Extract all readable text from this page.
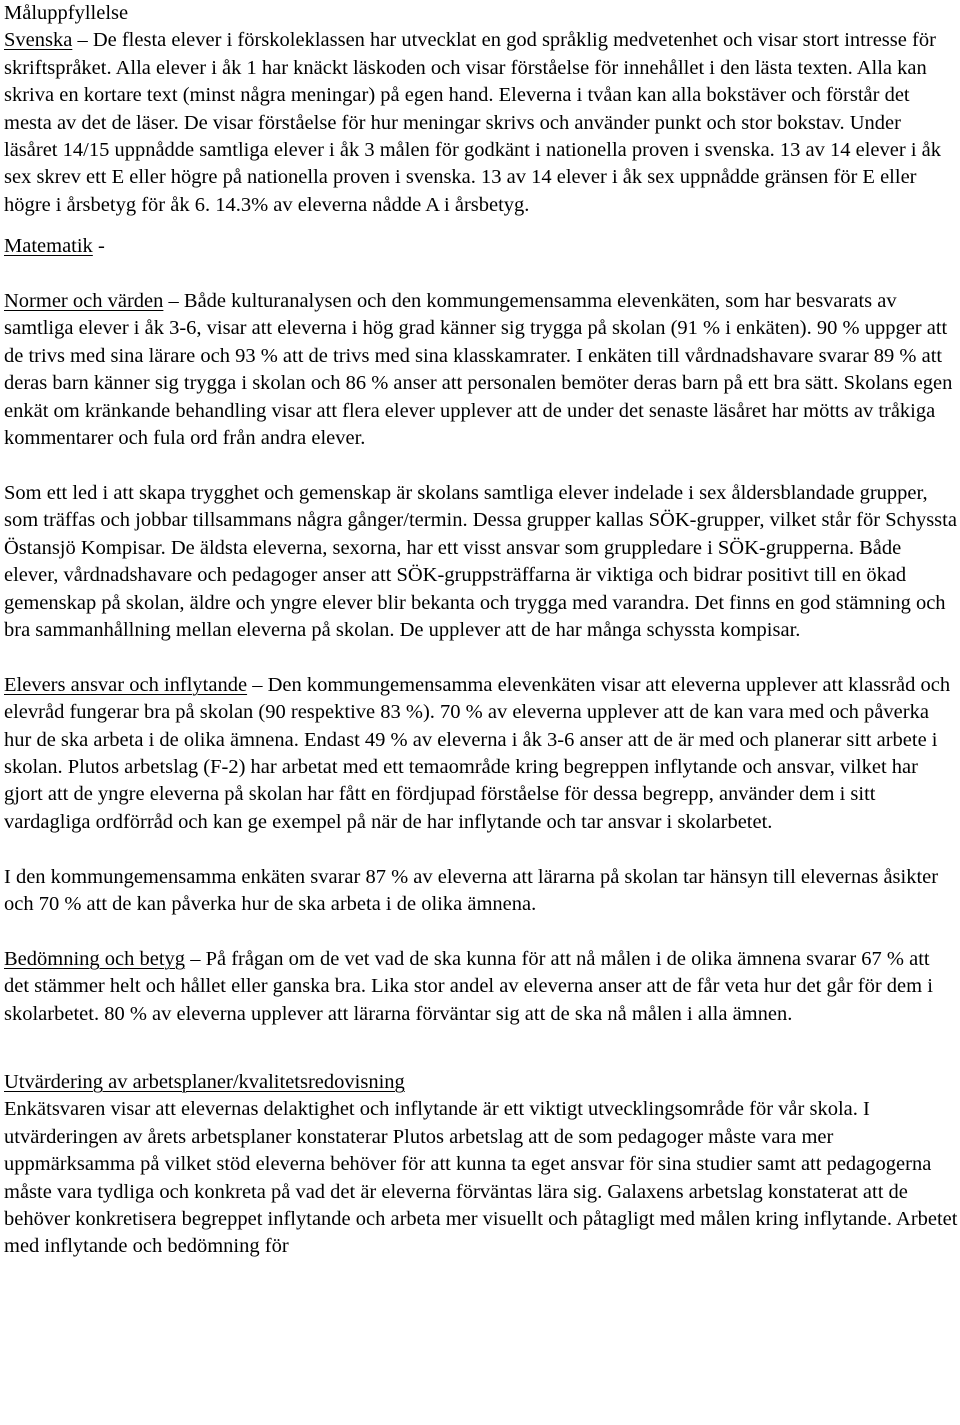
Måluppfyllelse

Svenska – De flesta elever i förskoleklassen har utvecklat en god språklig medvetenhet och visar stort intresse för skriftspråket. Alla elever i åk 1 har knäckt läskoden och visar förståelse för innehållet i den lästa texten. Alla kan skriva en kortare text (minst några meningar) på egen hand. Eleverna i tvåan kan alla bokstäver och förstår det mesta av det de läser. De visar förståelse för hur meningar skrivs och använder punkt och stor bokstav. Under läsåret 14/15 uppnådde samtliga elever i åk 3 målen för godkänt i nationella proven i svenska. 13 av 14 elever i åk sex skrev ett E eller högre på nationella proven i svenska. 13 av 14 elever i åk sex uppnådde gränsen för E eller högre i årsbetyg för åk 6. 14.3% av eleverna nådde A i årsbetyg.

Matematik -

Normer och värden – Både kulturanalysen och den kommungemensamma elevenkäten, som har besvarats av samtliga elever i åk 3-6, visar att eleverna i hög grad känner sig trygga på skolan (91 % i enkäten). 90 % uppger att de trivs med sina lärare och 93 % att de trivs med sina klasskamrater. I enkäten till vårdnadshavare svarar 89 % att deras barn känner sig trygga i skolan och 86 % anser att personalen bemöter deras barn på ett bra sätt. Skolans egen enkät om kränkande behandling visar att flera elever upplever att de under det senaste läsåret har mötts av tråkiga kommentarer och fula ord från andra elever.

Som ett led i att skapa trygghet och gemenskap är skolans samtliga elever indelade i sex åldersblandade grupper, som träffas och jobbar tillsammans några gånger/termin. Dessa grupper kallas SÖK-grupper, vilket står för Schyssta Östansjö Kompisar. De äldsta eleverna, sexorna, har ett visst ansvar som gruppledare i SÖK-grupperna. Både elever, vårdnadshavare och pedagoger anser att SÖK-gruppsträffarna är viktiga och bidrar positivt till en ökad gemenskap på skolan, äldre och yngre elever blir bekanta och trygga med varandra. Det finns en god stämning och bra sammanhållning mellan eleverna på skolan. De upplever att de har många schyssta kompisar.

Elevers ansvar och inflytande – Den kommungemensamma elevenkäten visar att eleverna upplever att klassråd och elevråd fungerar bra på skolan (90 respektive 83 %). 70 % av eleverna upplever att de kan vara med och påverka hur de ska arbeta i de olika ämnena. Endast 49 % av eleverna i åk 3-6 anser att de är med och planerar sitt arbete i skolan. Plutos arbetslag (F-2) har arbetat med ett temaområde kring begreppen inflytande och ansvar, vilket har gjort att de yngre eleverna på skolan har fått en fördjupad förståelse för dessa begrepp, använder dem i sitt vardagliga ordförråd och kan ge exempel på när de har inflytande och tar ansvar i skolarbetet.

I den kommungemensamma enkäten svarar 87 % av eleverna att lärarna på skolan tar hänsyn till elevernas åsikter och 70 % att de kan påverka hur de ska arbeta i de olika ämnena.

Bedömning och betyg – På frågan om de vet vad de ska kunna för att nå målen i de olika ämnena svarar 67 % att det stämmer helt och hållet eller ganska bra. Lika stor andel av eleverna anser att de får veta hur det går för dem i skolarbetet. 80 % av eleverna upplever att lärarna förväntar sig att de ska nå målen i alla ämnen.

Utvärdering av arbetsplaner/kvalitetsredovisning

Enkätsvaren visar att elevernas delaktighet och inflytande är ett viktigt utvecklingsområde för vår skola. I utvärderingen av årets arbetsplaner konstaterar Plutos arbetslag att de som pedagoger måste vara mer uppmärksamma på vilket stöd eleverna behöver för att kunna ta eget ansvar för sina studier samt att pedagogerna måste vara tydliga och konkreta på vad det är eleverna förväntas lära sig. Galaxens arbetslag konstaterat att de behöver konkretisera begreppet inflytande och arbeta mer visuellt och påtagligt med målen kring inflytande. Arbetet med inflytande och bedömning för
